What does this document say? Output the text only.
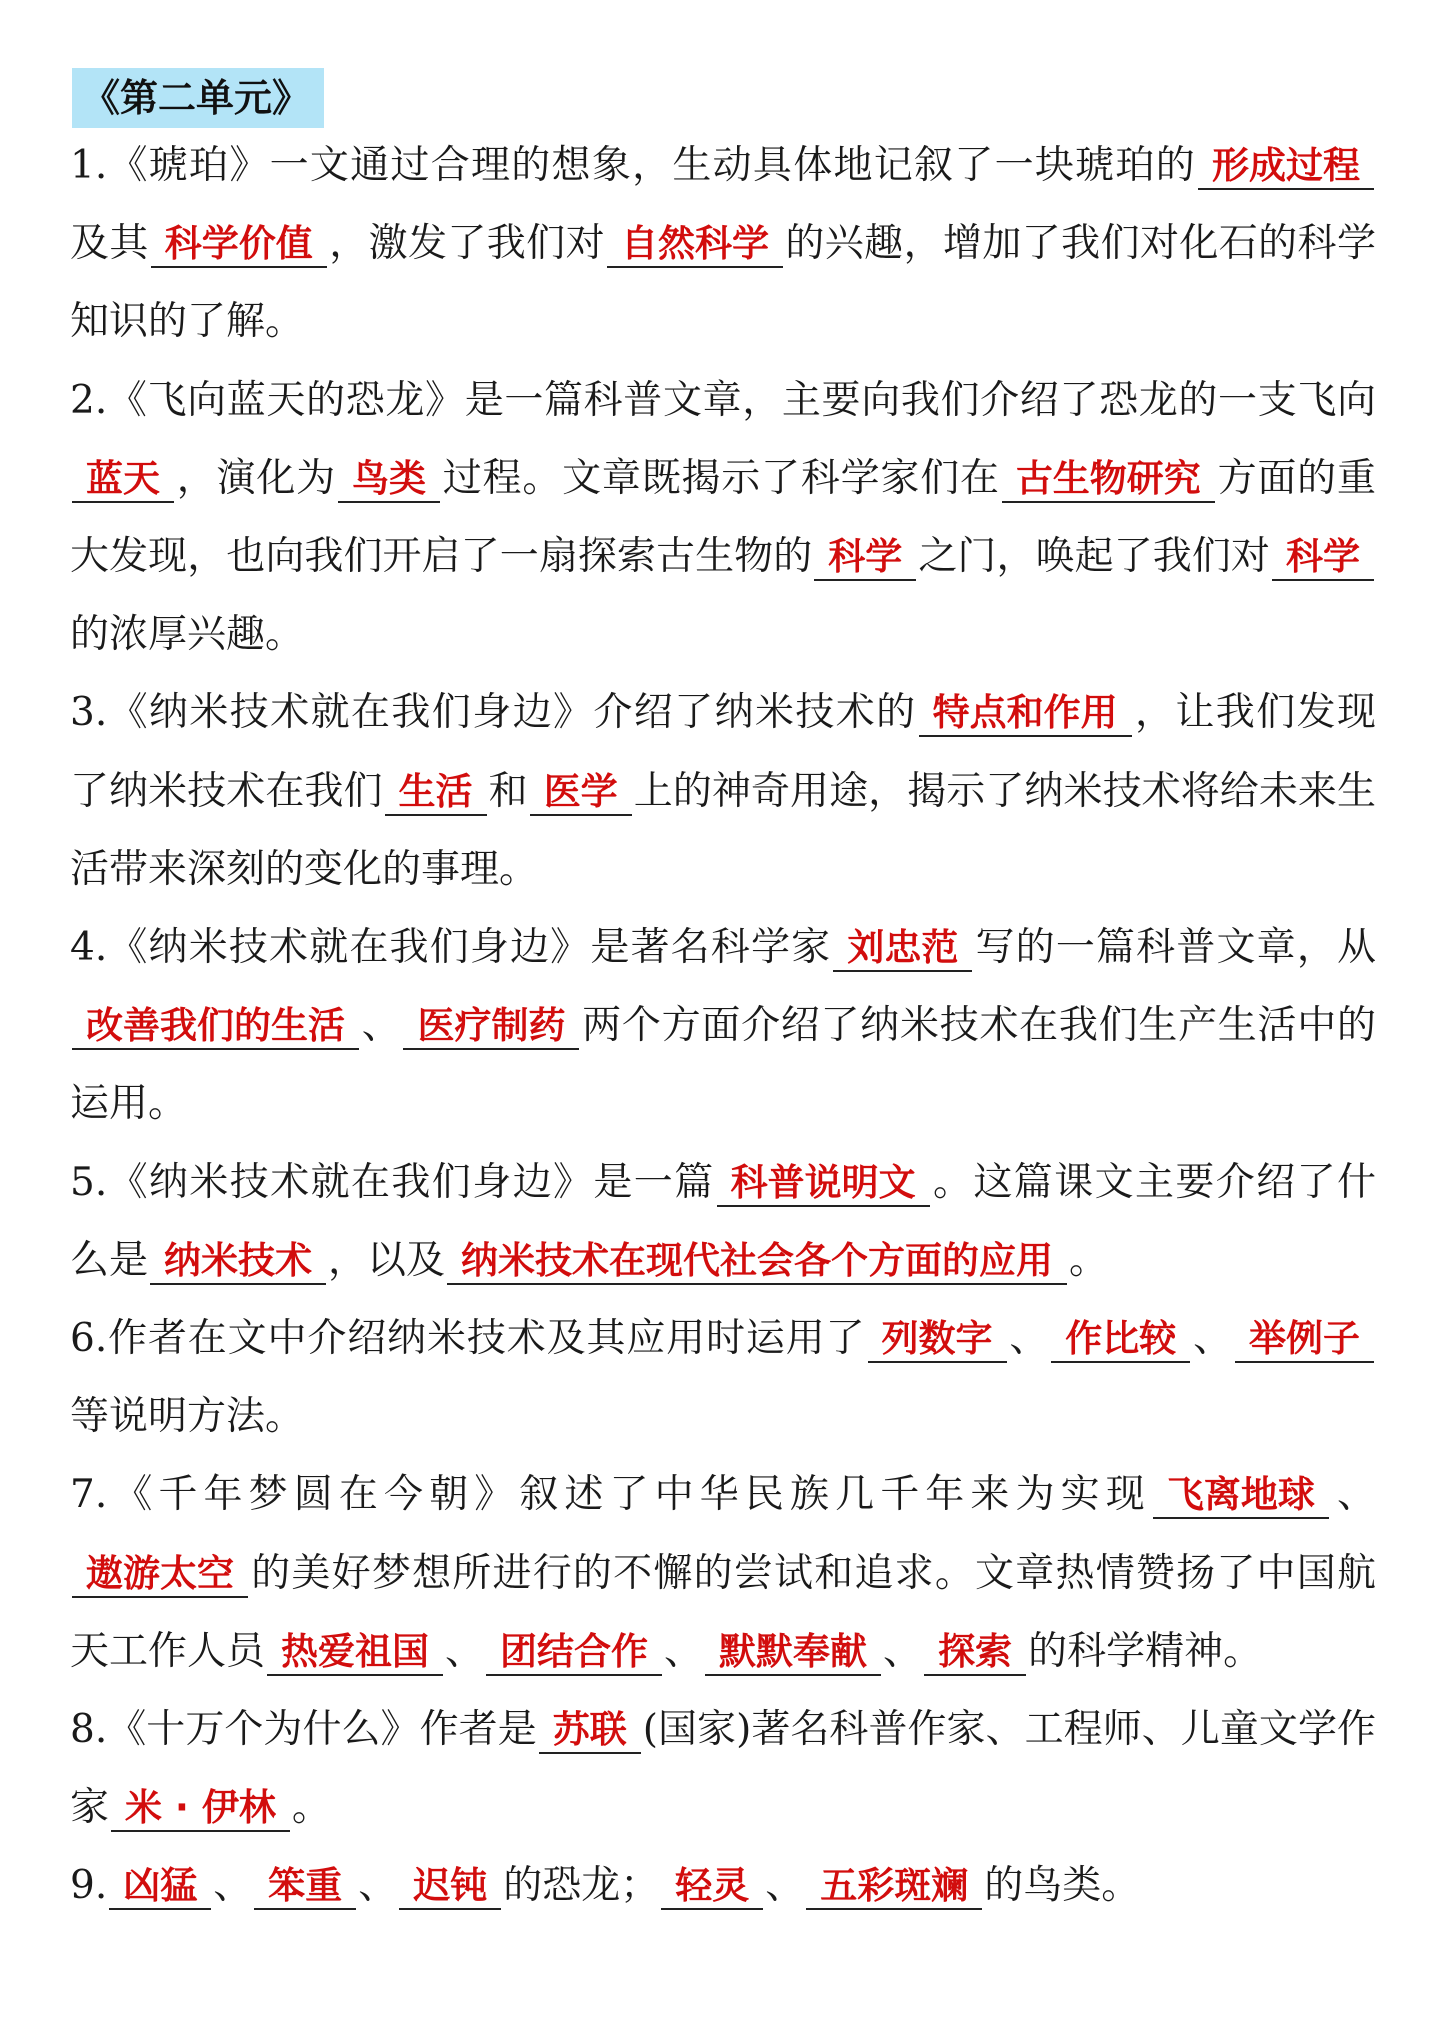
《第二单元》

1.《琥珀》一文通过合理的想象，生动具体地记叙了一块琥珀的 形成过程及其 科学价值 ，激发了我们对 自然科学 的兴趣，增加了我们对化石的科学知识的了解。

2.《飞向蓝天的恐龙》是一篇科普文章，主要向我们介绍了恐龙的一支飞向蓝天 ，演化为 鸟类 过程。文章既揭示了科学家们在 古生物研究 方面的重大发现，也向我们开启了一扇探索古生物的 科学 之门，唤起了我们对 科学的浓厚兴趣。

3.《纳米技术就在我们身边》介绍了纳米技术的 特点和作用 ，让我们发现了纳米技术在我们 生活 和 医学 上的神奇用途，揭示了纳米技术将给未来生活带来深刻的变化的事理。

4.《纳米技术就在我们身边》是著名科学家 刘忠范 写的一篇科普文章，从改善我们的生活 、 医疗制药 两个方面介绍了纳米技术在我们生产生活中的运用。

5.《纳米技术就在我们身边》是一篇 科普说明文 。这篇课文主要介绍了什么是 纳米技术 ，以及 纳米技术在现代社会各个方面的应用 。

6.作者在文中介绍纳米技术及其应用时运用了 列数字 、 作比较 、 举例子等说明方法。

7.《千年梦圆在今朝》叙述了中华民族几千年来为实现 飞离地球 、遨游太空 的美好梦想所进行的不懈的尝试和追求。文章热情赞扬了中国航天工作人员 热爱祖国 、 团结合作 、 默默奉献 、 探索 的科学精神。

8.《十万个为什么》作者是 苏联 (国家)著名科普作家、工程师、儿童文学作家 米 · 伊林 。

9. 凶猛 、 笨重 、 迟钝 的恐龙； 轻灵 、 五彩斑斓 的鸟类。
